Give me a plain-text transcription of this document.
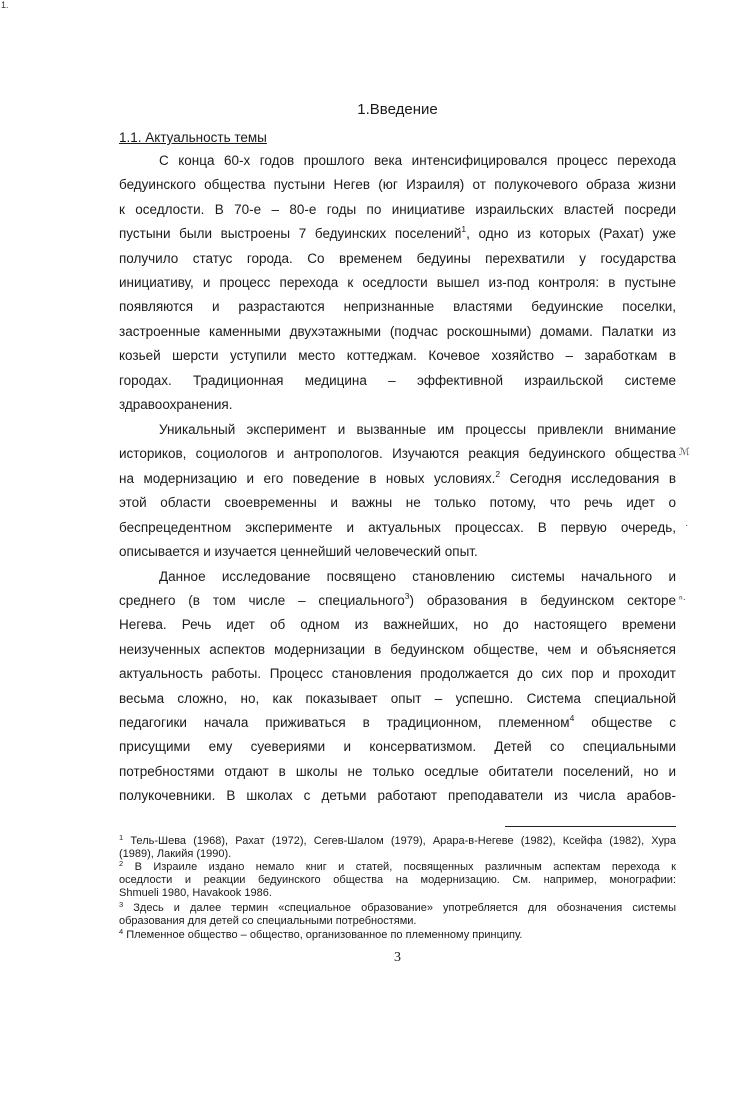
1.
1.Введение
1.1. Актуальность темы
С конца 60-х годов прошлого века интенсифицировался процесс перехода
бедуинского общества пустыни Негев (юг Израиля) от полукочевого образа жизни
к оседлости. В 70-е – 80-е годы по инициативе израильских властей посреди
пустыни были выстроены 7 бедуинских поселений$^1$, одно из которых (Рахат) уже
получило статус города. Со временем бедуины перехватили у государства
инициативу, и процесс перехода к оседлости вышел из-под контроля: в пустыне
появляются и разрастаются непризнанные властями бедуинские поселки,
застроенные каменными двухэтажными (подчас роскошными) домами. Палатки из
козьей шерсти уступили место коттеджам. Кочевое хозяйство – заработкам в
городах. Традиционная медицина – эффективной израильской системе
здравоохранения.
Уникальный эксперимент и вызванные им процессы привлекли внимание
историков, социологов и антропологов. Изучаются реакция бедуинского общества
на модернизацию и его поведение в новых условиях.$^2$ Сегодня исследования в
этой области своевременны и важны не только потому, что речь идет о
беспрецедентном эксперименте и актуальных процессах. В первую очередь,
описывается и изучается ценнейший человеческий опыт.
Данное исследование посвящено становлению системы начального и
среднего (в том числе – специального$^3$) образования в бедуинском секторе
Негева. Речь идет об одном из важнейших, но до настоящего времени
неизученных аспектов модернизации в бедуинском обществе, чем и объясняется
актуальность работы. Процесс становления продолжается до сих пор и проходит
весьма сложно, но, как показывает опыт – успешно. Система специальной
педагогики начала приживаться в традиционном, племенном$^4$ обществе с
присущими ему суевериями и консерватизмом. Детей со специальными
потребностями отдают в школы не только оседлые обитатели поселений, но и
полукочевники. В школах с детьми работают преподаватели из числа арабов-
ℳ
·
ⁿ·
$^1$ Тель-Шева (1968), Рахат (1972), Сегев-Шалом (1979), Арара-в-Негеве (1982), Ксейфа (1982), Хура
(1989), Лакийя (1990).
$^2$ В Израиле издано немало книг и статей, посвященных различным аспектам перехода к
оседлости и реакции бедуинского общества на модернизацию. См. например, монографии:
Shmueli 1980, Havakook 1986.
$^3$ Здесь и далее термин «специальное образование» употребляется для обозначения системы
образования для детей со специальными потребностями.
$^4$ Племенное общество – общество, организованное по племенному принципу.
3
